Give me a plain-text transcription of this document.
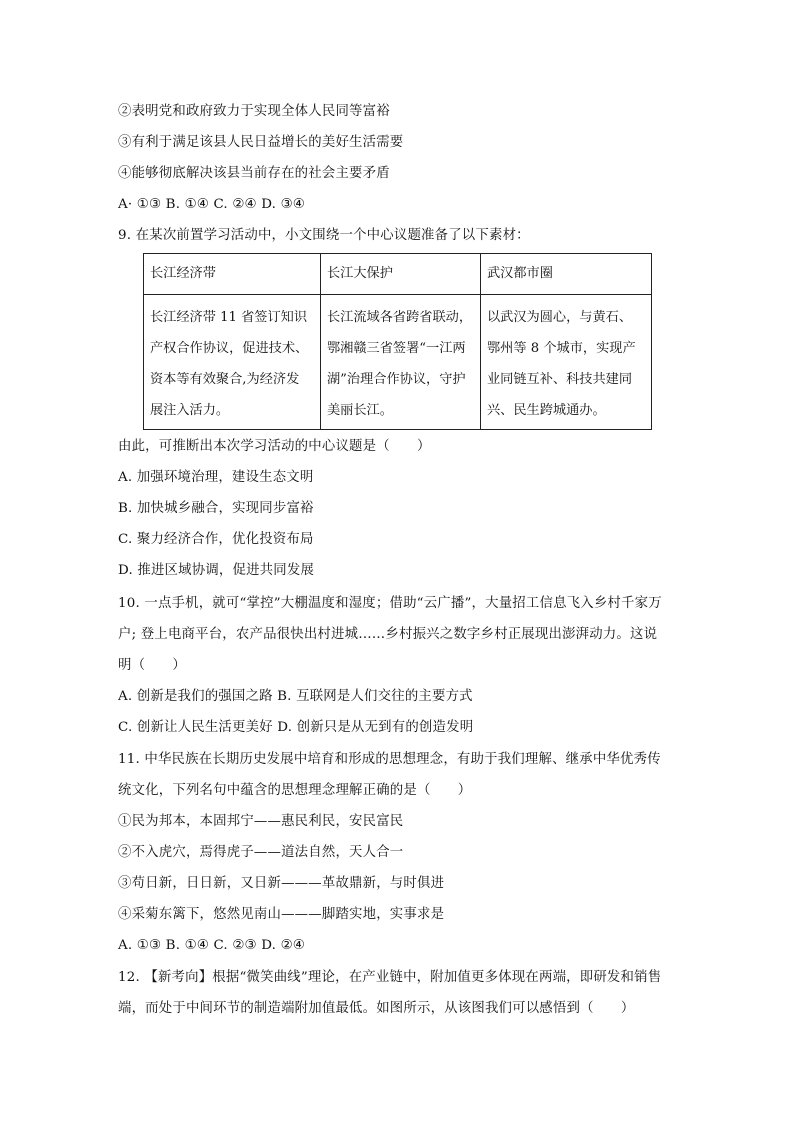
②表明党和政府致力于实现全体人民同等富裕
③有利于满足该县人民日益增长的美好生活需要
④能够彻底解决该县当前存在的社会主要矛盾
A· ①③ B. ①④ C. ②④ D. ③④
9. 在某次前置学习活动中，小文围绕一个中心议题准备了以下素材：
长江经济带	长江大保护	武汉都市圈
长江经济带 11 省签订知识
产权合作协议，促进技术、
资本等有效聚合,为经济发
展注入活力。	长江流域各省跨省联动，
鄂湘赣三省签署“一江两
湖”治理合作协议，守护
美丽长江。	以武汉为圆心，与黄石、
鄂州等 8 个城市，实现产
业同链互补、科技共建同
兴、民生跨城通办。
由此，可推断出本次学习活动的中心议题是（　　）
A. 加强环境治理，建设生态文明
B. 加快城乡融合，实现同步富裕
C. 聚力经济合作，优化投资布局
D. 推进区域协调，促进共同发展
10. 一点手机，就可“掌控”大棚温度和湿度；借助“云广播”，大量招工信息飞入乡村千家万
户; 登上电商平台，农产品很快出村进城……乡村振兴之数字乡村正展现出澎湃动力。这说
明（　　）
A. 创新是我们的强国之路 B. 互联网是人们交往的主要方式
C. 创新让人民生活更美好 D. 创新只是从无到有的创造发明
11. 中华民族在长期历史发展中培育和形成的思想理念，有助于我们理解、继承中华优秀传
统文化，下列名句中蕴含的思想理念理解正确的是（　　）
①民为邦本，本固邦宁——惠民利民，安民富民
②不入虎穴，焉得虎子——道法自然，天人合一
③苟日新，日日新，又日新———革故鼎新，与时俱进
④采菊东篱下，悠然见南山———脚踏实地，实事求是
A. ①③ B. ①④ C. ②③ D. ②④
12. 【新考向】根据“微笑曲线”理论，在产业链中，附加值更多体现在两端，即研发和销售
端，而处于中间环节的制造端附加值最低。如图所示，从该图我们可以感悟到（　　）
